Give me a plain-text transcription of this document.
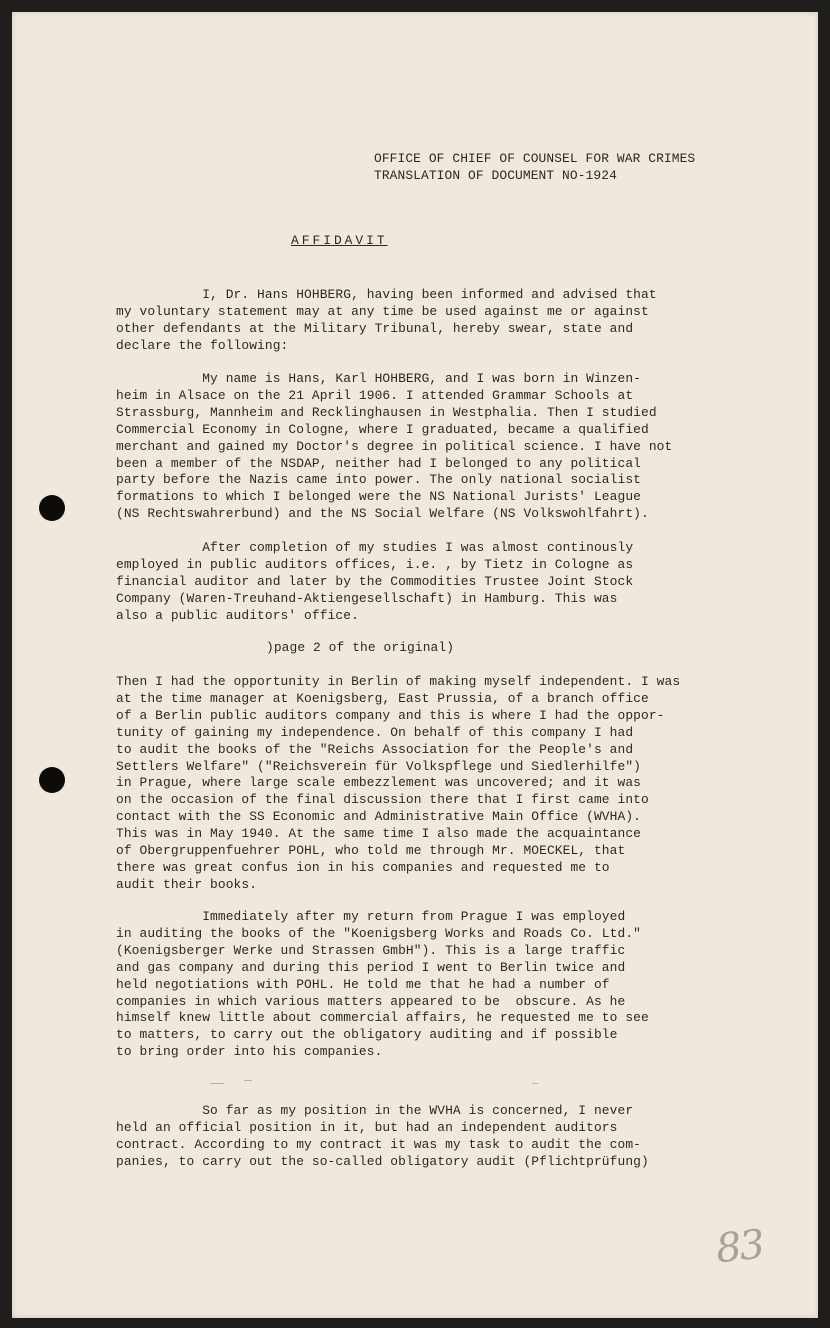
OFFICE OF CHIEF OF COUNSEL FOR WAR CRIMES
TRANSLATION OF DOCUMENT NO-1924
AFFIDAVIT
I, Dr. Hans HOHBERG, having been informed and advised that
my voluntary statement may at any time be used against me or against
other defendants at the Military Tribunal, hereby swear, state and
declare the following:
My name is Hans, Karl HOHBERG, and I was born in Winzen-
heim in Alsace on the 21 April 1906. I attended Grammar Schools at
Strassburg, Mannheim and Recklinghausen in Westphalia. Then I studied
Commercial Economy in Cologne, where I graduated, became a qualified
merchant and gained my Doctor's degree in political science. I have not
been a member of the NSDAP, neither had I belonged to any political
party before the Nazis came into power. The only national socialist
formations to which I belonged were the NS National Jurists' League
(NS Rechtswahrerbund) and the NS Social Welfare (NS Volkswohlfahrt).
After completion of my studies I was almost continously
employed in public auditors offices, i.e. , by Tietz in Cologne as
financial auditor and later by the Commodities Trustee Joint Stock
Company (Waren-Treuhand-Aktiengesellschaft) in Hamburg. This was
also a public auditors' office.
)page 2 of the original)
Then I had the opportunity in Berlin of making myself independent. I was
at the time manager at Koenigsberg, East Prussia, of a branch office
of a Berlin public auditors company and this is where I had the oppor-
tunity of gaining my independence. On behalf of this company I had
to audit the books of the "Reichs Association for the People's and
Settlers Welfare" ("Reichsverein für Volkspflege und Siedlerhilfe")
in Prague, where large scale embezzlement was uncovered; and it was
on the occasion of the final discussion there that I first came into
contact with the SS Economic and Administrative Main Office (WVHA).
This was in May 1940. At the same time I also made the acquaintance
of Obergruppenfuehrer POHL, who told me through Mr. MOECKEL, that
there was great confus ion in his companies and requested me to
audit their books.
Immediately after my return from Prague I was employed
in auditing the books of the "Koenigsberg Works and Roads Co. Ltd."
(Koenigsberger Werke und Strassen GmbH"). This is a large traffic
and gas company and during this period I went to Berlin twice and
held negotiations with POHL. He told me that he had a number of
companies in which various matters appeared to be  obscure. As he
himself knew little about commercial affairs, he requested me to see
to matters, to carry out the obligatory auditing and if possible
to bring order into his companies.
So far as my position in the WVHA is concerned, I never
held an official position in it, but had an independent auditors
contract. According to my contract it was my task to audit the com-
panies, to carry out the so-called obligatory audit (Pflichtprüfung)
83
